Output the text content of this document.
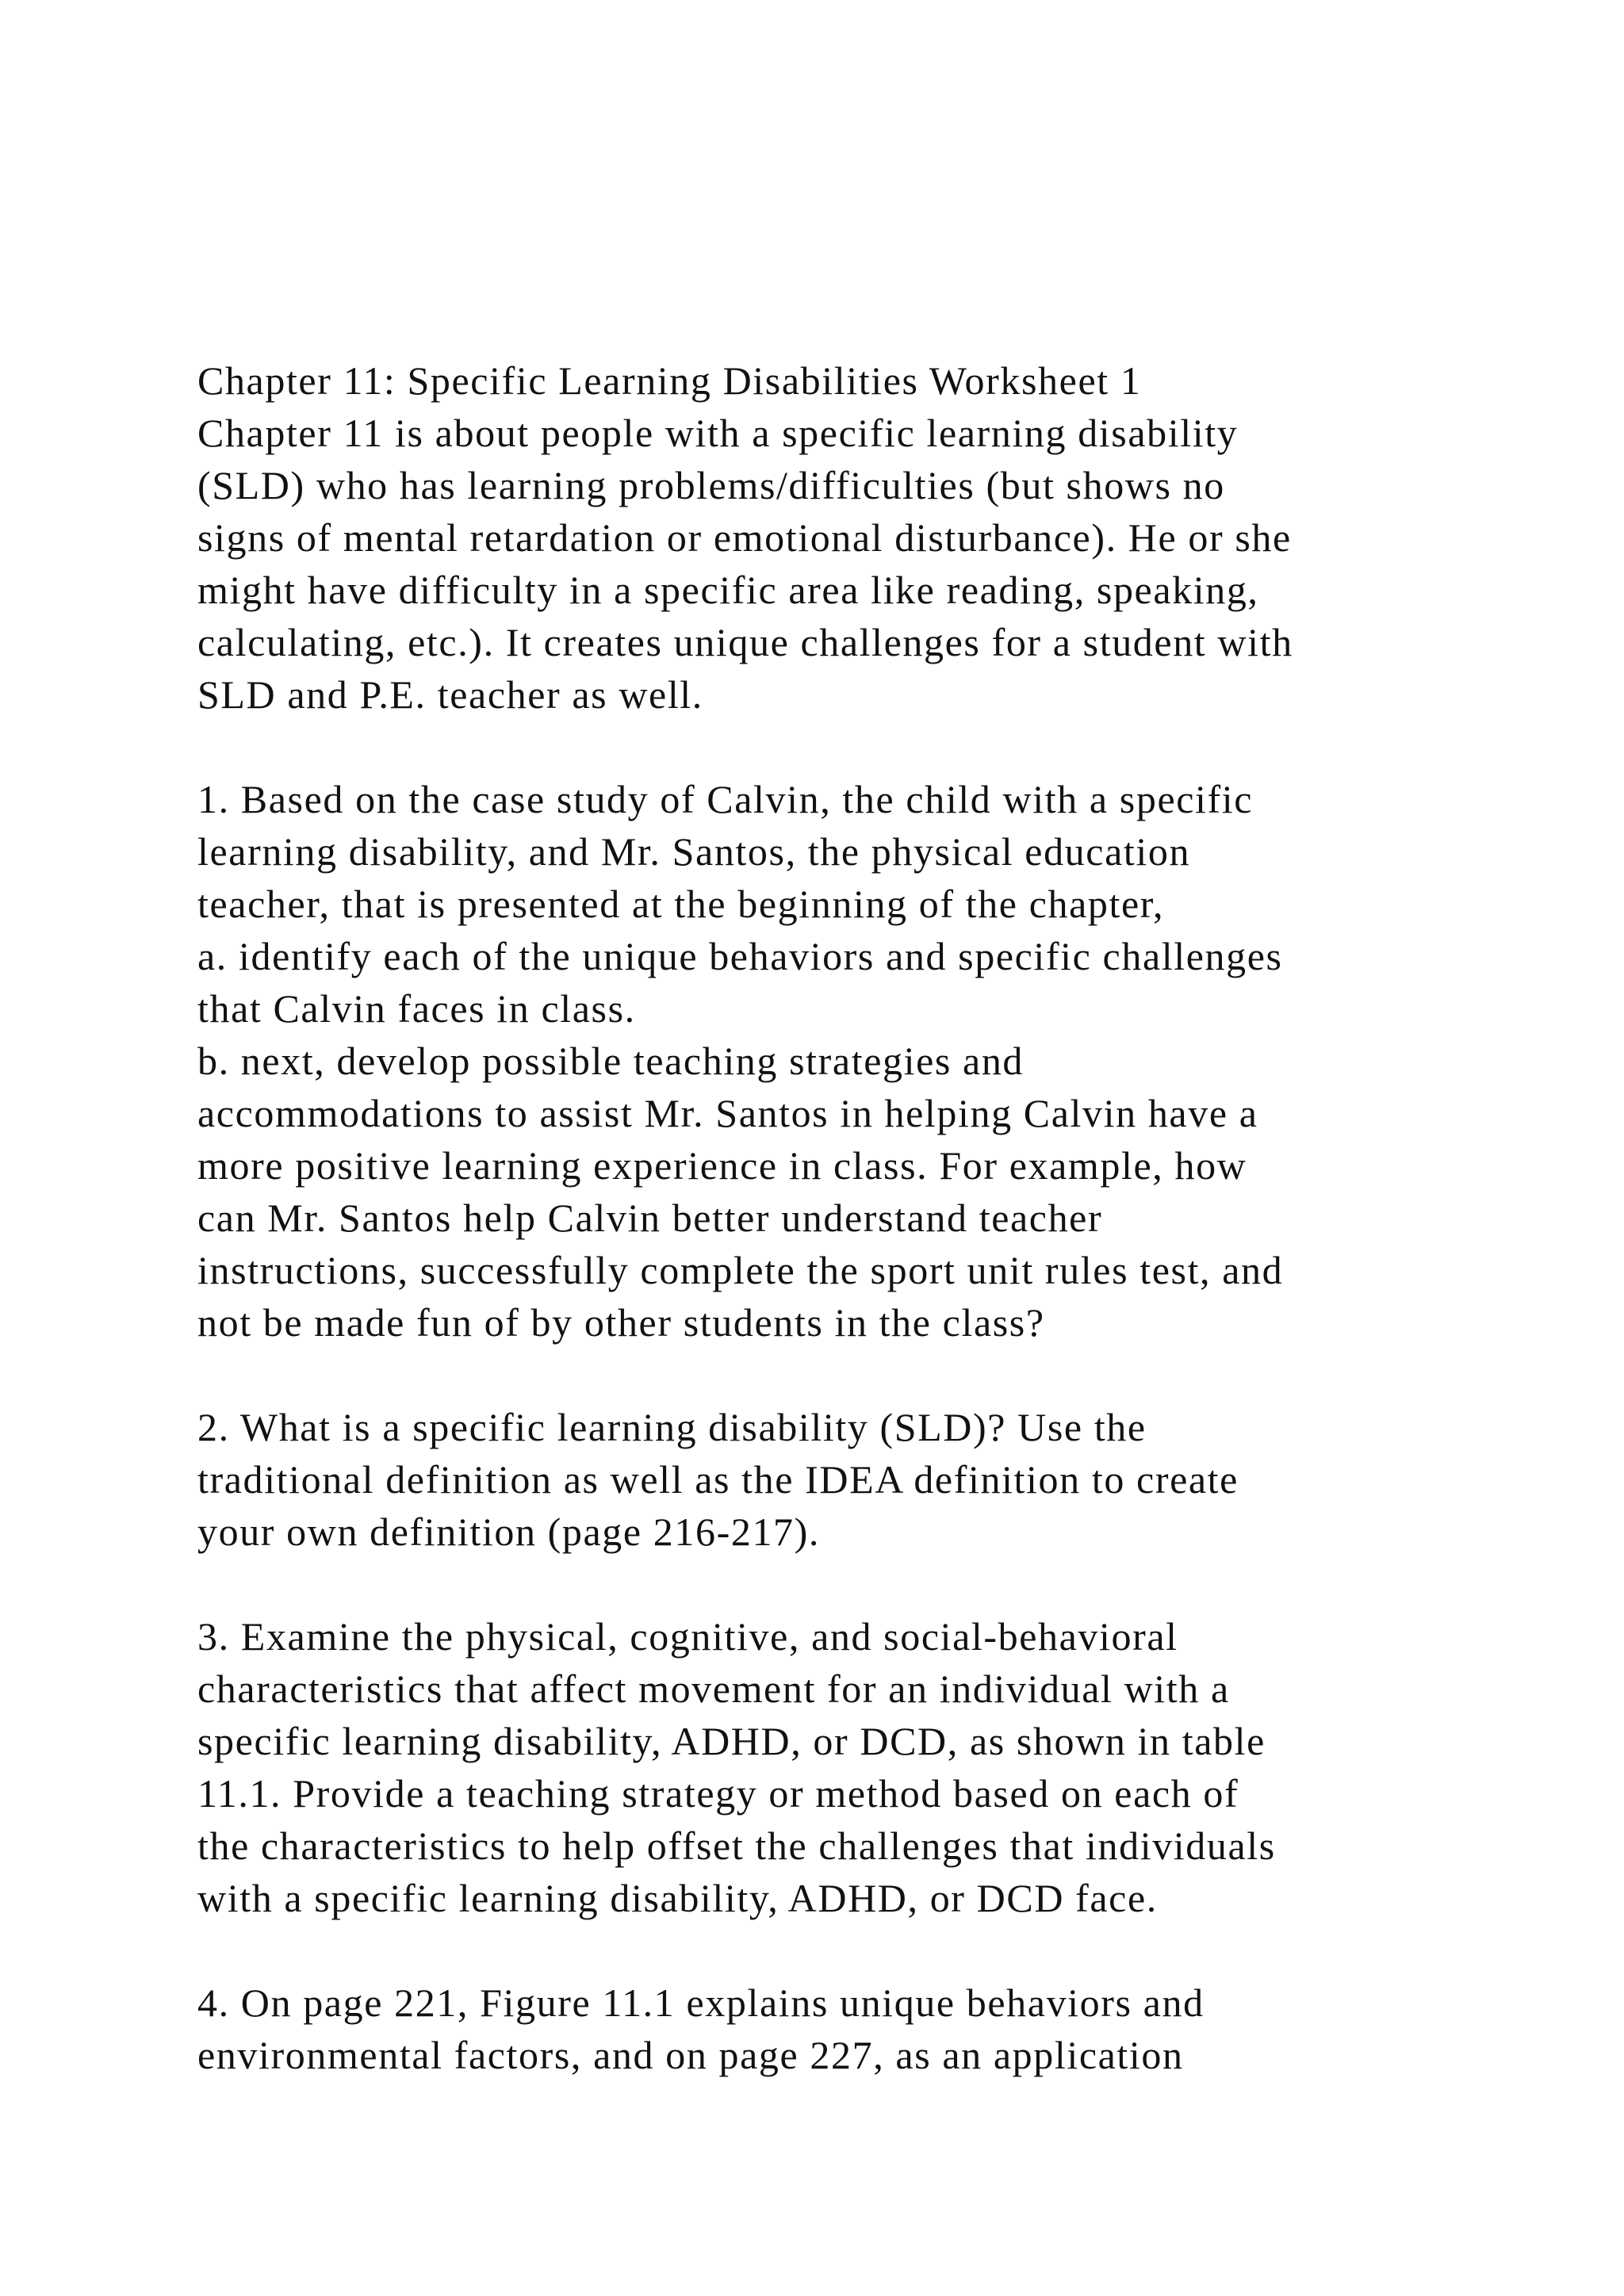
Chapter 11: Specific Learning Disabilities Worksheet 1
Chapter 11 is about people with a specific learning disability
(SLD) who has learning problems/difficulties (but shows no
signs of mental retardation or emotional disturbance). He or she
might have difficulty in a specific area like reading, speaking,
calculating, etc.). It creates unique challenges for a student with
SLD and P.E. teacher as well.
1. Based on the case study of Calvin, the child with a specific
learning disability, and Mr. Santos, the physical education
teacher, that is presented at the beginning of the chapter,
a. identify each of the unique behaviors and specific challenges
that Calvin faces in class.
b. next, develop possible teaching strategies and
accommodations to assist Mr. Santos in helping Calvin have a
more positive learning experience in class. For example, how
can Mr. Santos help Calvin better understand teacher
instructions, successfully complete the sport unit rules test, and
not be made fun of by other students in the class?
2. What is a specific learning disability (SLD)? Use the
traditional definition as well as the IDEA definition to create
your own definition (page 216-217).
3. Examine the physical, cognitive, and social-behavioral
characteristics that affect movement for an individual with a
specific learning disability, ADHD, or DCD, as shown in table
11.1. Provide a teaching strategy or method based on each of
the characteristics to help offset the challenges that individuals
with a specific learning disability, ADHD, or DCD face.
4. On page 221, Figure 11.1 explains unique behaviors and
environmental factors, and on page 227, as an application
